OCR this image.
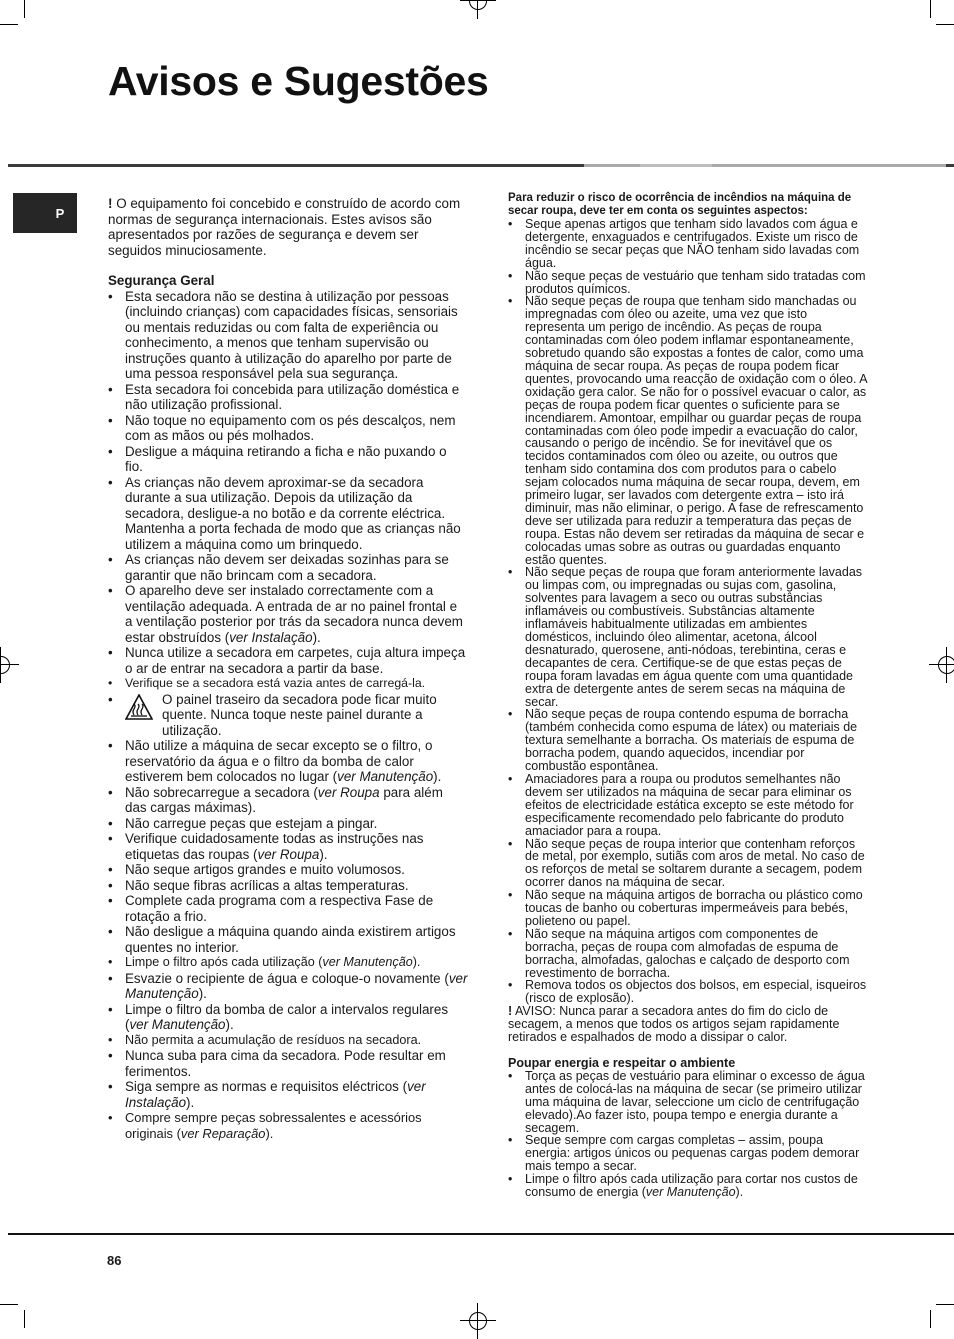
Avisos e Sugestões
P

! O equipamento foi concebido e construído de acordo com normas de segurança internacionais. Estes avisos são apresentados por razões de segurança e devem ser seguidos minuciosamente.

Segurança Geral
• Esta secadora não se destina à utilização por pessoas (incluindo crianças) com capacidades físicas, sensoriais ou mentais reduzidas ou com falta de experiência ou conhecimento, a menos que tenham supervisão ou instruções quanto à utilização do aparelho por parte de uma pessoa responsável pela sua segurança.
• Esta secadora foi concebida para utilização doméstica e não utilização profissional.
• Não toque no equipamento com os pés descalços, nem com as mãos ou pés molhados.
• Desligue a máquina retirando a ficha e não puxando o fio.
• As crianças não devem aproximar-se da secadora durante a sua utilização. Depois da utilização da secadora, desligue-a no botão e da corrente eléctrica. Mantenha a porta fechada de modo que as crianças não utilizem a máquina como um brinquedo.
• As crianças não devem ser deixadas sozinhas para se garantir que não brincam com a secadora.
• O aparelho deve ser instalado correctamente com a ventilação adequada. A entrada de ar no painel frontal e a ventilação posterior por trás da secadora nunca devem estar obstruídos (ver Instalação).
• Nunca utilize a secadora em carpetes, cuja altura impeça o ar de entrar na secadora a partir da base.
• Verifique se a secadora está vazia antes de carregá-la.
• O painel traseiro da secadora pode ficar muito quente. Nunca toque neste painel durante a utilização.
• Não utilize a máquina de secar excepto se o filtro, o reservatório da água e o filtro da bomba de calor estiverem bem colocados no lugar (ver Manutenção).
• Não sobrecarregue a secadora (ver Roupa para além das cargas máximas).
• Não carregue peças que estejam a pingar.
• Verifique cuidadosamente todas as instruções nas etiquetas das roupas (ver Roupa).
• Não seque artigos grandes e muito volumosos.
• Não seque fibras acrílicas a altas temperaturas.
• Complete cada programa com a respectiva Fase de rotação a frio.
• Não desligue a máquina quando ainda existirem artigos quentes no interior.
• Limpe o filtro após cada utilização (ver Manutenção).
• Esvazie o recipiente de água e coloque-o novamente (ver Manutenção).
• Limpe o filtro da bomba de calor a intervalos regulares (ver Manutenção).
• Não permita a acumulação de resíduos na secadora.
• Nunca suba para cima da secadora. Pode resultar em ferimentos.
• Siga sempre as normas e requisitos eléctricos (ver Instalação).
• Compre sempre peças sobressalentes e acessórios originais (ver Reparação).

Para reduzir o risco de ocorrência de incêndios na máquina de secar roupa, deve ter em conta os seguintes aspectos:

• Seque apenas artigos que tenham sido lavados com água e detergente, enxaguados e centrifugados. Existe um risco de incêndio se secar peças que NÃO tenham sido lavadas com água.
• Não seque peças de vestuário que tenham sido tratadas com produtos químicos.
• Não seque peças de roupa que tenham sido manchadas ou impregnadas com óleo ou azeite, uma vez que isto representa um perigo de incêndio. As peças de roupa contaminadas com óleo podem inflamar espontaneamente, sobretudo quando são expostas a fontes de calor, como uma máquina de secar roupa. As peças de roupa podem ficar quentes, provocando uma reacção de oxidação com o óleo. A oxidação gera calor. Se não for o possível evacuar o calor, as peças de roupa podem ficar quentes o suficiente para se incendiarem. Amontoar, empilhar ou guardar peças de roupa contaminadas com óleo pode impedir a evacuação do calor, causando o perigo de incêndio. Se for inevitável que os tecidos contaminados com óleo ou azeite, ou outros que tenham sido contamina dos com produtos para o cabelo sejam colocados numa máquina de secar roupa, devem, em primeiro lugar, ser lavados com detergente extra – isto irá diminuir, mas não eliminar, o perigo. A fase de refrescamento deve ser utilizada para reduzir a temperatura das peças de roupa. Estas não devem ser retiradas da máquina de secar e colocadas umas sobre as outras ou guardadas enquanto estão quentes.
• Não seque peças de roupa que foram anteriormente lavadas ou limpas com, ou impregnadas ou sujas com, gasolina, solventes para lavagem a seco ou outras substâncias inflamáveis ou combustíveis. Substâncias altamente inflamáveis habitualmente utilizadas em ambientes domésticos, incluindo óleo alimentar, acetona, álcool desnaturado, querosene, anti-nódoas, terebintina, ceras e decapantes de cera. Certifique-se de que estas peças de roupa foram lavadas em água quente com uma quantidade extra de detergente antes de serem secas na máquina de secar.
• Não seque peças de roupa contendo espuma de borracha (também conhecida como espuma de látex) ou materiais de textura semelhante a borracha. Os materiais de espuma de borracha podem, quando aquecidos, incendiar por combustão espontânea.
• Amaciadores para a roupa ou produtos semelhantes não devem ser utilizados na máquina de secar para eliminar os efeitos de electricidade estática excepto se este método for especificamente recomendado pelo fabricante do produto amaciador para a roupa.
• Não seque peças de roupa interior que contenham reforços de metal, por exemplo, sutiãs com aros de metal. No caso de os reforços de metal se soltarem durante a secagem, podem ocorrer danos na máquina de secar.
• Não seque na máquina artigos de borracha ou plástico como toucas de banho ou coberturas impermeáveis para bebés, polieteno ou papel.
• Não seque na máquina artigos com componentes de borracha, peças de roupa com almofadas de espuma de borracha, almofadas, galochas e calçado de desporto com revestimento de borracha.
• Remova todos os objectos dos bolsos, em especial, isqueiros (risco de explosão).

! AVISO: Nunca parar a secadora antes do fim do ciclo de secagem, a menos que todos os artigos sejam rapidamente retirados e espalhados de modo a dissipar o calor.

Poupar energia e respeitar o ambiente
• Torça as peças de vestuário para eliminar o excesso de água antes de colocá-las na máquina de secar (se primeiro utilizar uma máquina de lavar, seleccione um ciclo de centrifugação elevado).Ao fazer isto, poupa tempo e energia durante a secagem.
• Seque sempre com cargas completas – assim, poupa energia: artigos únicos ou pequenas cargas podem demorar mais tempo a secar.
• Limpe o filtro após cada utilização para cortar nos custos de consumo de energia (ver Manutenção).
86
